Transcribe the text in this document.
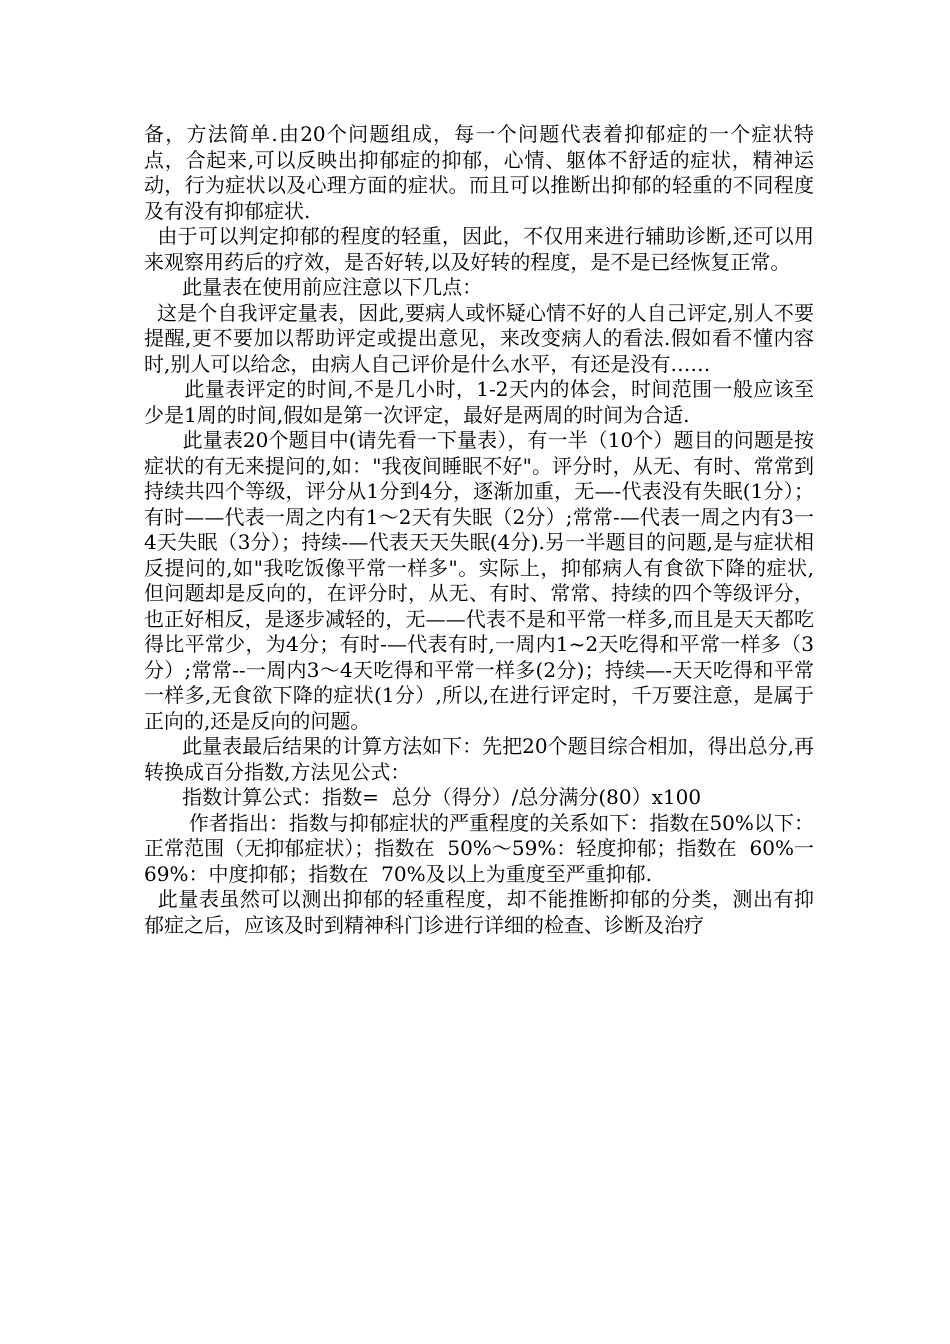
备，方法简单.由20个问题组成，每一个问题代表着抑郁症的一个症状特点，合起来,可以反映出抑郁症的抑郁，心情、躯体不舒适的症状，精神运动，行为症状以及心理方面的症状。而且可以推断出抑郁的轻重的不同程度及有没有抑郁症状.

由于可以判定抑郁的程度的轻重，因此，不仅用来进行辅助诊断,还可以用来观察用药后的疗效，是否好转,以及好转的程度，是不是已经恢复正常。

此量表在使用前应注意以下几点：

这是个自我评定量表，因此,要病人或怀疑心情不好的人自己评定,别人不要提醒,更不要加以帮助评定或提出意见，来改变病人的看法.假如看不懂内容时,别人可以给念，由病人自己评价是什么水平，有还是没有……

此量表评定的时间,不是几小时，1-2天内的体会，时间范围一般应该至少是1周的时间,假如是第一次评定，最好是两周的时间为合适.

此量表20个题目中(请先看一下量表），有一半（10个）题目的问题是按症状的有无来提问的,如："我夜间睡眠不好"。评分时，从无、有时、常常到持续共四个等级，评分从1分到4分，逐渐加重，无—-代表没有失眠(1分）；有时——代表一周之内有1～2天有失眠（2分）;常常-—代表一周之内有3一4天失眠（3分）；持续-—代表天天失眠(4分).另一半题目的问题,是与症状相反提问的,如"我吃饭像平常一样多"。实际上，抑郁病人有食欲下降的症状,但问题却是反向的，在评分时，从无、有时、常常、持续的四个等级评分，也正好相反，是逐步减轻的，无——代表不是和平常一样多,而且是天天都吃得比平常少，为4分；有时-—代表有时,一周内1~2天吃得和平常一样多（3分）;常常--一周内3～4天吃得和平常一样多(2分)；持续—-天天吃得和平常一样多,无食欲下降的症状(1分）,所以,在进行评定时，千万要注意，是属于正向的,还是反向的问题。

此量表最后结果的计算方法如下：先把20个题目综合相加，得出总分,再转换成百分指数,方法见公式：

指数计算公式：指数=  总分（得分）/总分满分(80）x100

作者指出：指数与抑郁症状的严重程度的关系如下：指数在50%以下：正常范围（无抑郁症状）；指数在  50%～59%：轻度抑郁；指数在  60%一69%：中度抑郁；指数在  70%及以上为重度至严重抑郁.

此量表虽然可以测出抑郁的轻重程度，却不能推断抑郁的分类，测出有抑郁症之后，应该及时到精神科门诊进行详细的检查、诊断及治疗
